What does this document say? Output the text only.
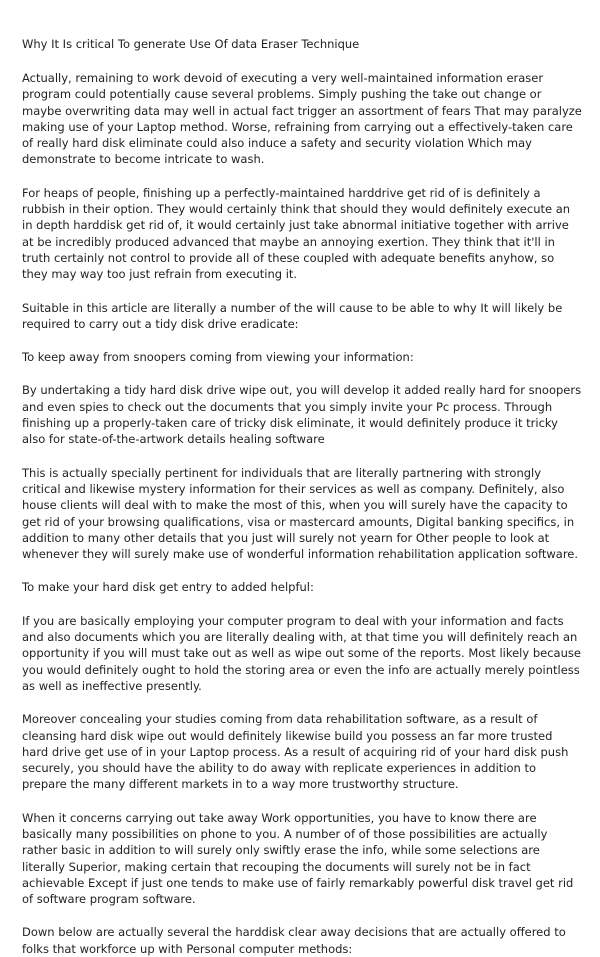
Why It Is critical To generate Use Of data Eraser Technique

Actually, remaining to work devoid of executing a very well-maintained information eraser program could potentially cause several problems. Simply pushing the take out change or maybe overwriting data may well in actual fact trigger an assortment of fears That may paralyze making use of your Laptop method. Worse, refraining from carrying out a effectively-taken care of really hard disk eliminate could also induce a safety and security violation Which may demonstrate to become intricate to wash.

For heaps of people, finishing up a perfectly-maintained harddrive get rid of is definitely a rubbish in their option. They would certainly think that should they would definitely execute an in depth harddisk get rid of, it would certainly just take abnormal initiative together with arrive at be incredibly produced advanced that maybe an annoying exertion. They think that it'll in truth certainly not control to provide all of these coupled with adequate benefits anyhow, so they may way too just refrain from executing it.

Suitable in this article are literally a number of the will cause to be able to why It will likely be required to carry out a tidy disk drive eradicate:

To keep away from snoopers coming from viewing your information:

By undertaking a tidy hard disk drive wipe out, you will develop it added really hard for snoopers and even spies to check out the documents that you simply invite your Pc process. Through finishing up a properly-taken care of tricky disk eliminate, it would definitely produce it tricky also for state-of-the-artwork details healing software

This is actually specially pertinent for individuals that are literally partnering with strongly critical and likewise mystery information for their services as well as company. Definitely, also house clients will deal with to make the most of this, when you will surely have the capacity to get rid of your browsing qualifications, visa or mastercard amounts, Digital banking specifics, in addition to many other details that you just will surely not yearn for Other people to look at whenever they will surely make use of wonderful information rehabilitation application software.

To make your hard disk get entry to added helpful:

If you are basically employing your computer program to deal with your information and facts and also documents which you are literally dealing with, at that time you will definitely reach an opportunity if you will must take out as well as wipe out some of the reports. Most likely because you would definitely ought to hold the storing area or even the info are actually merely pointless as well as ineffective presently.

Moreover concealing your studies coming from data rehabilitation software, as a result of cleansing hard disk wipe out would definitely likewise build you possess an far more trusted hard drive get use of in your Laptop process. As a result of acquiring rid of your hard disk push securely, you should have the ability to do away with replicate experiences in addition to prepare the many different markets in to a way more trustworthy structure.

When it concerns carrying out take away Work opportunities, you have to know there are basically many possibilities on phone to you. A number of of those possibilities are actually rather basic in addition to will surely only swiftly erase the info, while some selections are literally Superior, making certain that recouping the documents will surely not be in fact achievable Except if just one tends to make use of fairly remarkably powerful disk travel get rid of software program software.

Down below are actually several the harddisk clear away decisions that are actually offered to folks that workforce up with Personal computer methods:
